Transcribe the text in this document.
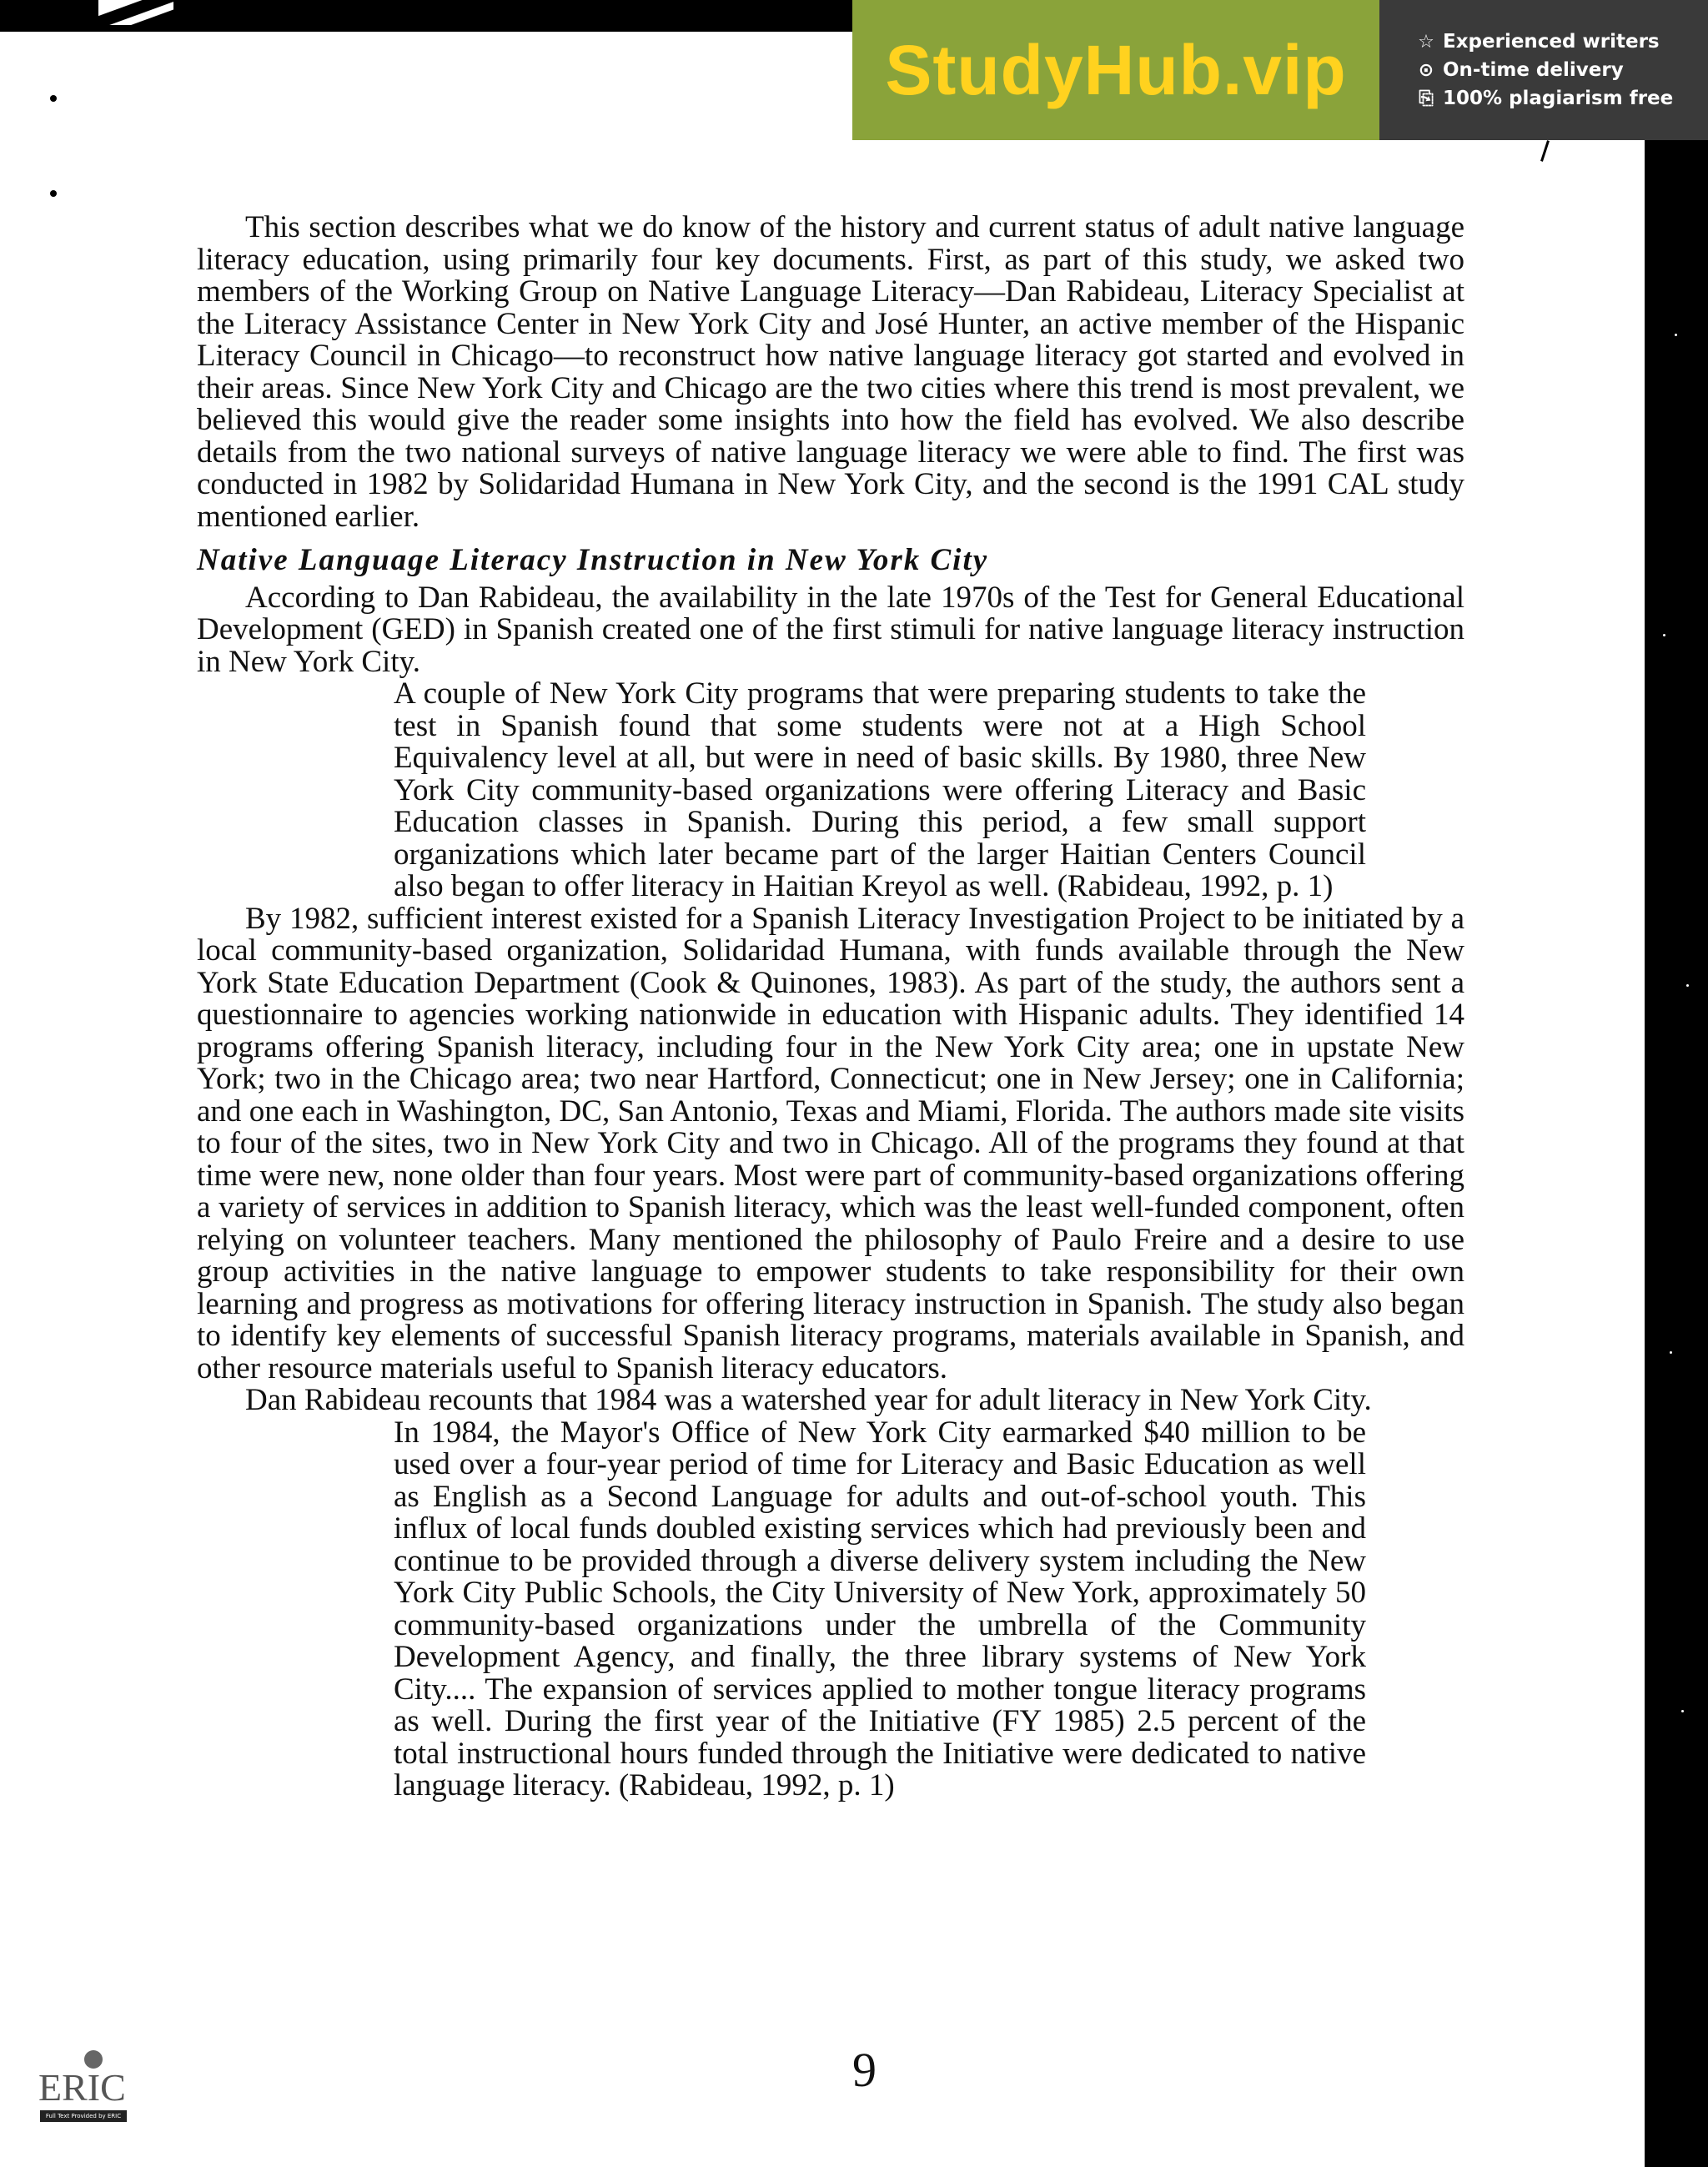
StudyHub.vip	☆ Experienced writers
⊙ On-time delivery
⎘ 100% plagiarism free

This section describes what we do know of the history and current status of adult native language literacy education, using primarily four key documents. First, as part of this study, we asked two members of the Working Group on Native Language Literacy—Dan Rabideau, Literacy Specialist at the Literacy Assistance Center in New York City and José Hunter, an active member of the Hispanic Literacy Council in Chicago—to reconstruct how native language literacy got started and evolved in their areas. Since New York City and Chicago are the two cities where this trend is most prevalent, we believed this would give the reader some insights into how the field has evolved. We also describe details from the two national surveys of native language literacy we were able to find. The first was conducted in 1982 by Solidaridad Humana in New York City, and the second is the 1991 CAL study mentioned earlier.

Native Language Literacy Instruction in New York City

According to Dan Rabideau, the availability in the late 1970s of the Test for General Educational Development (GED) in Spanish created one of the first stimuli for native language literacy instruction in New York City.

A couple of New York City programs that were preparing students to take the test in Spanish found that some students were not at a High School Equivalency level at all, but were in need of basic skills. By 1980, three New York City community-based organizations were offering Literacy and Basic Education classes in Spanish. During this period, a few small support organizations which later became part of the larger Haitian Centers Council also began to offer literacy in Haitian Kreyol as well. (Rabideau, 1992, p. 1)

By 1982, sufficient interest existed for a Spanish Literacy Investigation Project to be initiated by a local community-based organization, Solidaridad Humana, with funds available through the New York State Education Department (Cook & Quinones, 1983). As part of the study, the authors sent a questionnaire to agencies working nationwide in education with Hispanic adults. They identified 14 programs offering Spanish literacy, including four in the New York City area; one in upstate New York; two in the Chicago area; two near Hartford, Connecticut; one in New Jersey; one in California; and one each in Washington, DC, San Antonio, Texas and Miami, Florida. The authors made site visits to four of the sites, two in New York City and two in Chicago. All of the programs they found at that time were new, none older than four years. Most were part of community-based organizations offering a variety of services in addition to Spanish literacy, which was the least well-funded component, often relying on volunteer teachers. Many mentioned the philosophy of Paulo Freire and a desire to use group activities in the native language to empower students to take responsibility for their own learning and progress as motivations for offering literacy instruction in Spanish. The study also began to identify key elements of successful Spanish literacy programs, materials available in Spanish, and other resource materials useful to Spanish literacy educators.

Dan Rabideau recounts that 1984 was a watershed year for adult literacy in New York City.

In 1984, the Mayor's Office of New York City earmarked $40 million to be used over a four-year period of time for Literacy and Basic Education as well as English as a Second Language for adults and out-of-school youth. This influx of local funds doubled existing services which had previously been and continue to be provided through a diverse delivery system including the New York City Public Schools, the City University of New York, approximately 50 community-based organizations under the umbrella of the Community Development Agency, and finally, the three library systems of New York City.... The expansion of services applied to mother tongue literacy programs as well. During the first year of the Initiative (FY 1985) 2.5 percent of the total instructional hours funded through the Initiative were dedicated to native language literacy. (Rabideau, 1992, p. 1)

9
ERIC
Full Text Provided by ERIC
